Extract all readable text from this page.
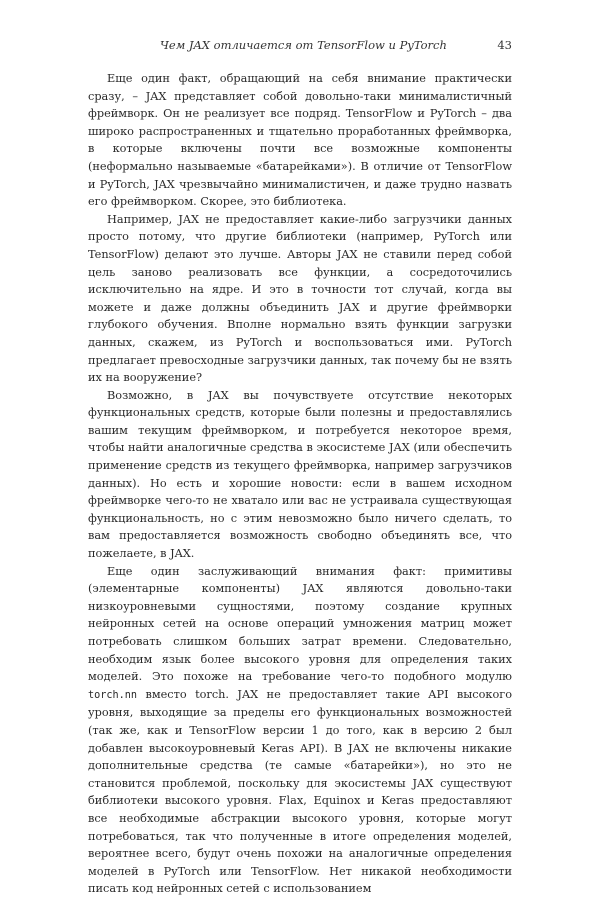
Чем JAX отличается от TensorFlow и PyTorch	43

Еще один факт, обращающий на себя внимание практически сразу, – JAX представляет собой довольно-таки минималистичный фреймворк. Он не реализует все подряд. TensorFlow и PyTorch – два широко распространенных и тщательно проработанных фреймворка, в которые включены почти все возможные компоненты (неформально называемые «батарейками»). В отличие от TensorFlow и PyTorch, JAX чрезвычайно минималистичен, и даже трудно назвать его фреймворком. Скорее, это библиотека.

Например, JAX не предоставляет какие-либо загрузчики данных просто потому, что другие библиотеки (например, PyTorch или TensorFlow) делают это лучше. Авторы JAX не ставили перед собой цель заново реализовать все функции, а сосредоточились исключительно на ядре. И это в точности тот случай, когда вы можете и даже должны объединить JAX и другие фреймворки глубокого обучения. Вполне нормально взять функции загрузки данных, скажем, из PyTorch и воспользоваться ими. PyTorch предлагает превосходные загрузчики данных, так почему бы не взять их на вооружение?

Возможно, в JAX вы почувствуете отсутствие некоторых функциональных средств, которые были полезны и предоставлялись вашим текущим фреймворком, и потребуется некоторое время, чтобы найти аналогичные средства в экосистеме JAX (или обеспечить применение средств из текущего фреймворка, например загрузчиков данных). Но есть и хорошие новости: если в вашем исходном фреймворке чего-то не хватало или вас не устраивала существующая функциональность, но с этим невозможно было ничего сделать, то вам предоставляется возможность свободно объединять все, что пожелаете, в JAX.

Еще один заслуживающий внимания факт: примитивы (элементарные компоненты) JAX являются довольно-таки низкоуровневыми сущностями, поэтому создание крупных нейронных сетей на основе операций умножения матриц может потребовать слишком больших затрат времени. Следовательно, необходим язык более высокого уровня для определения таких моделей. Это похоже на требование чего-то подобного модулю torch.nn вместо torch. JAX не предоставляет такие API высокого уровня, выходящие за пределы его функциональных возможностей (так же, как и TensorFlow версии 1 до того, как в версию 2 был добавлен высокоуровневый Keras API). В JAX не включены никакие дополнительные средства (те самые «батарейки»), но это не становится проблемой, поскольку для экосистемы JAX существуют библиотеки высокого уровня. Flax, Equinox и Keras предоставляют все необходимые абстракции высокого уровня, которые могут потребоваться, так что полученные в итоге определения моделей, вероятнее всего, будут очень похожи на аналогичные определения моделей в PyTorch или TensorFlow. Нет никакой необходимости писать код нейронных сетей с использованием
